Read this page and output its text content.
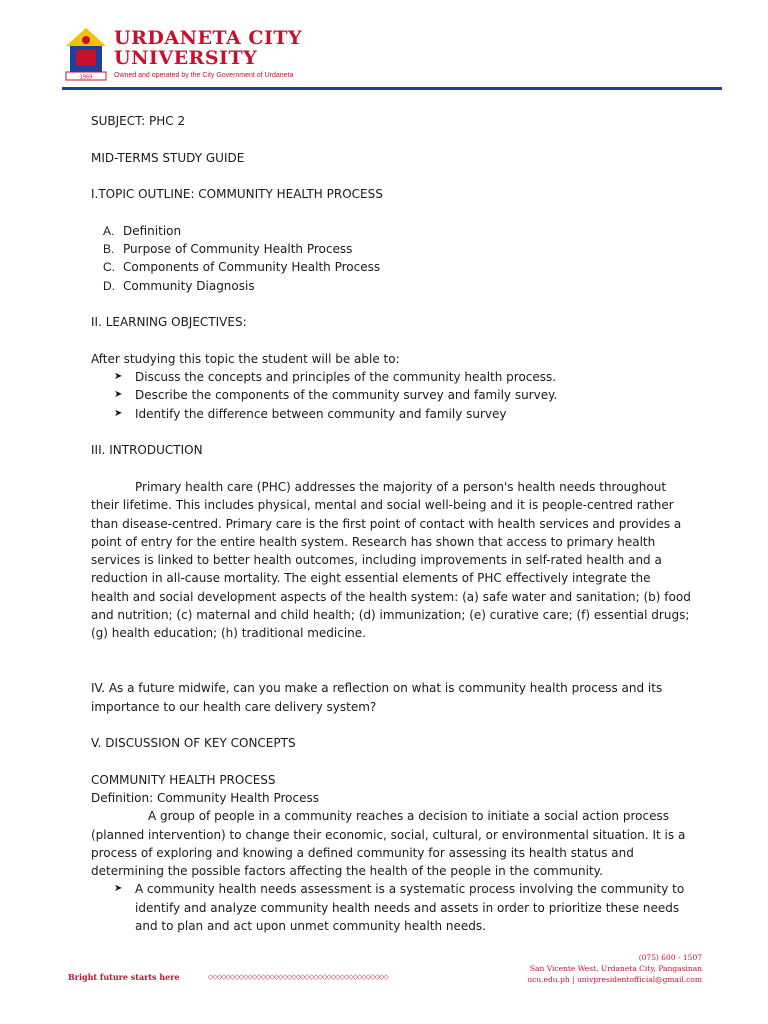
1969
URDANETA CITY
UNIVERSITY
Owned and operated by the City Government of Urdaneta

SUBJECT: PHC 2

MID-TERMS STUDY GUIDE

I.TOPIC OUTLINE: COMMUNITY HEALTH PROCESS

A. Definition
B. Purpose of Community Health Process
C. Components of Community Health Process
D. Community Diagnosis

II. LEARNING OBJECTIVES:

After studying this topic the student will be able to:

➤ Discuss the concepts and principles of the community health process.
➤ Describe the components of the community survey and family survey.
➤ Identify the difference between community and family survey

III. INTRODUCTION

Primary health care (PHC) addresses the majority of a person's health needs throughout their lifetime. This includes physical, mental and social well-being and it is people-centred rather than disease-centred. Primary care is the first point of contact with health services and provides a point of entry for the entire health system. Research has shown that access to primary health services is linked to better health outcomes, including improvements in self-rated health and a reduction in all-cause mortality. The eight essential elements of PHC effectively integrate the health and social development aspects of the health system: (a) safe water and sanitation; (b) food and nutrition; (c) maternal and child health; (d) immunization; (e) curative care; (f) essential drugs; (g) health education; (h) traditional medicine.

IV. As a future midwife, can you make a reflection on what is community health process and its importance to our health care delivery system?

V. DISCUSSION OF KEY CONCEPTS

COMMUNITY HEALTH PROCESS

Definition: Community Health Process

A group of people in a community reaches a decision to initiate a social action process (planned intervention) to change their economic, social, cultural, or environmental situation. It is a process of exploring and knowing a defined community for assessing its health status and determining the possible factors affecting the health of the people in the community.

➤ A community health needs assessment is a systematic process involving the community to identify and analyze community health needs and assets in order to prioritize these needs and to plan and act upon unmet community health needs.
(075) 600 - 1507
San Vicente West, Urdaneta City, Pangasinan
ucu.edu.ph | univpresidentofficial@gmail.com
Bright future starts here	◇◇◇◇◇◇◇◇◇◇◇◇◇◇◇◇◇◇◇◇◇◇◇◇◇◇◇◇◇◇◇◇◇◇◇◇◇◇◇◇◇
